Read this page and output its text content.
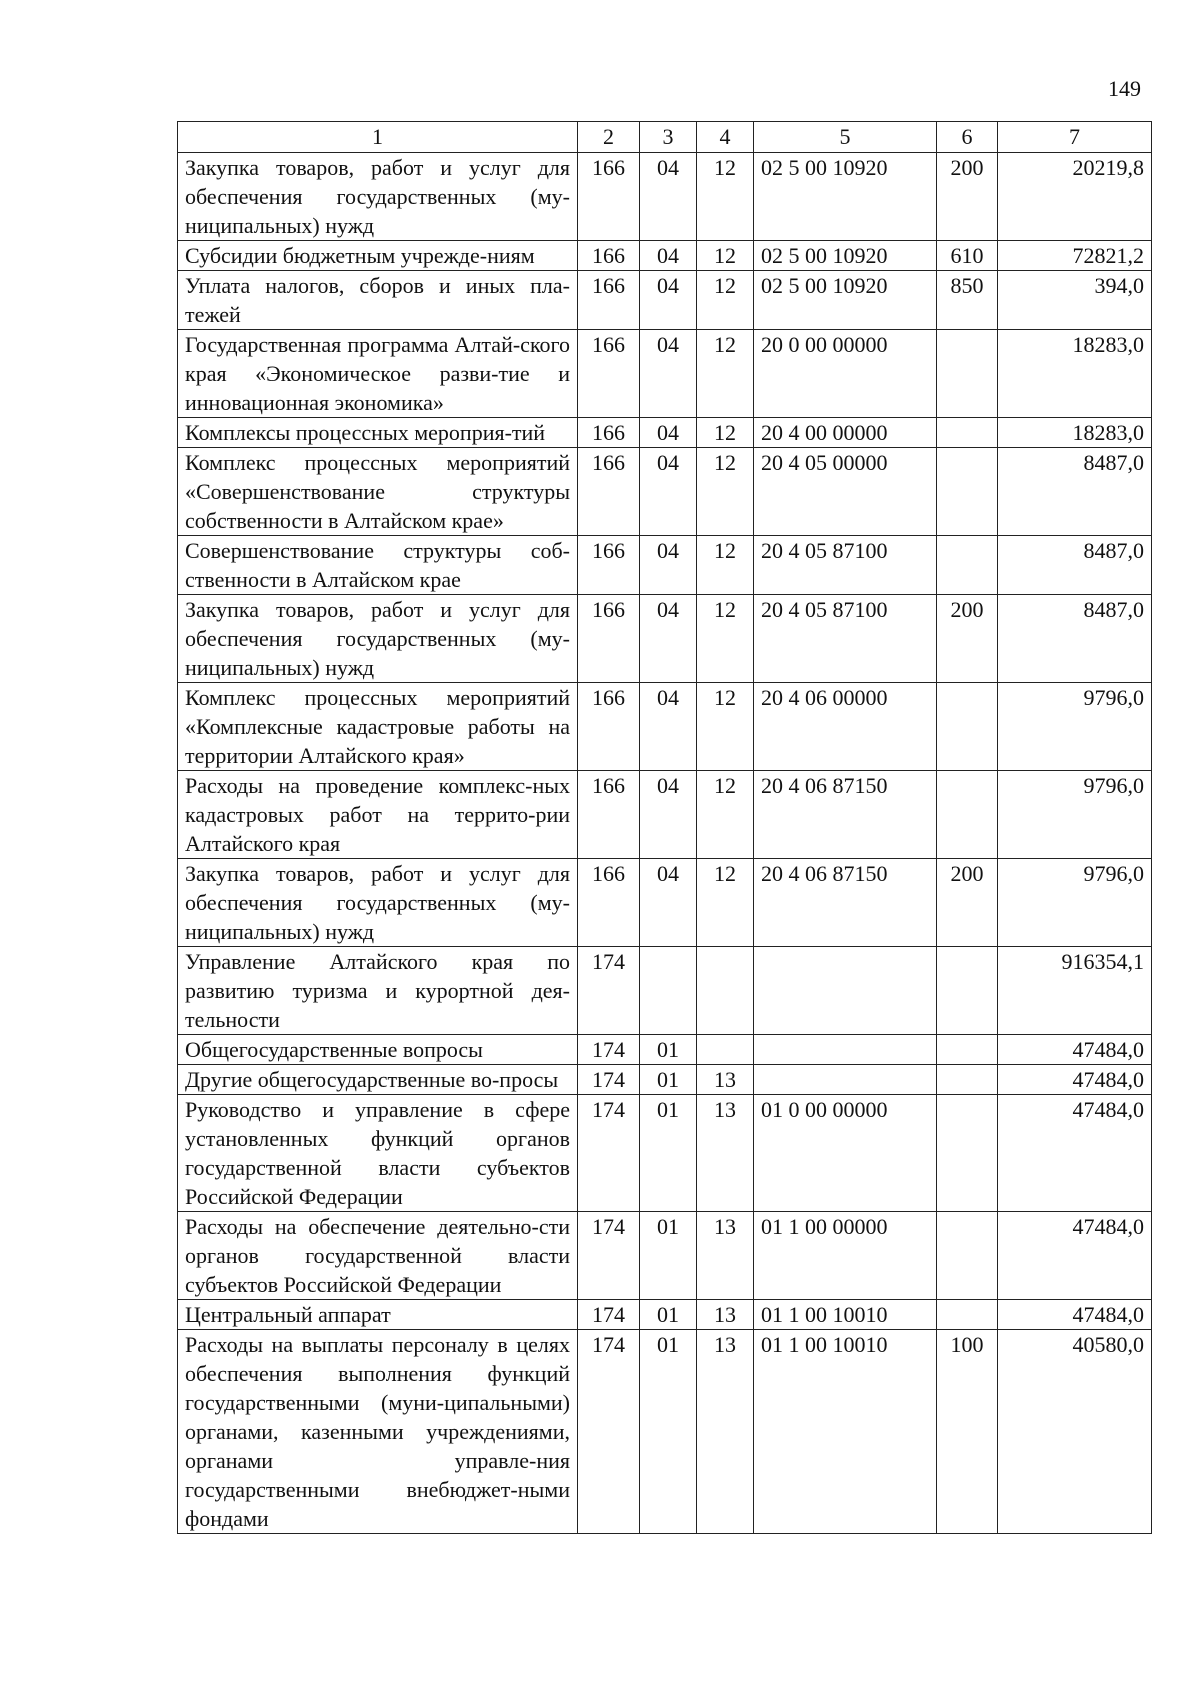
149
1	2	3	4	5	6	7
Закупка товаров, работ и услуг для обеспечения государственных (му-ниципальных) нужд	166	04	12	02 5 00 10920	200	20219,8
Субсидии бюджетным учрежде-ниям	166	04	12	02 5 00 10920	610	72821,2
Уплата налогов, сборов и иных пла-тежей	166	04	12	02 5 00 10920	850	394,0
Государственная программа Алтай-ского края «Экономическое разви-тие и инновационная экономика»	166	04	12	20 0 00 00000		18283,0
Комплексы процессных мероприя-тий	166	04	12	20 4 00 00000		18283,0
Комплекс процессных мероприятий «Совершенствование структуры собственности в Алтайском крае»	166	04	12	20 4 05 00000		8487,0
Совершенствование структуры соб-ственности в Алтайском крае	166	04	12	20 4 05 87100		8487,0
Закупка товаров, работ и услуг для обеспечения государственных (му-ниципальных) нужд	166	04	12	20 4 05 87100	200	8487,0
Комплекс процессных мероприятий «Комплексные кадастровые работы на территории Алтайского края»	166	04	12	20 4 06 00000		9796,0
Расходы на проведение комплекс-ных кадастровых работ на террито-рии Алтайского края	166	04	12	20 4 06 87150		9796,0
Закупка товаров, работ и услуг для обеспечения государственных (му-ниципальных) нужд	166	04	12	20 4 06 87150	200	9796,0
Управление Алтайского края по развитию туризма и курортной дея-тельности	174					916354,1
Общегосударственные вопросы	174	01				47484,0
Другие общегосударственные во-просы	174	01	13			47484,0
Руководство и управление в сфере установленных функций органов государственной власти субъектов Российской Федерации	174	01	13	01 0 00 00000		47484,0
Расходы на обеспечение деятельно-сти органов государственной власти субъектов Российской Федерации	174	01	13	01 1 00 00000		47484,0
Центральный аппарат	174	01	13	01 1 00 10010		47484,0
Расходы на выплаты персоналу в целях обеспечения выполнения функций государственными (муни-ципальными) органами, казенными учреждениями, органами управле-ния государственными внебюджет-ными фондами	174	01	13	01 1 00 10010	100	40580,0
